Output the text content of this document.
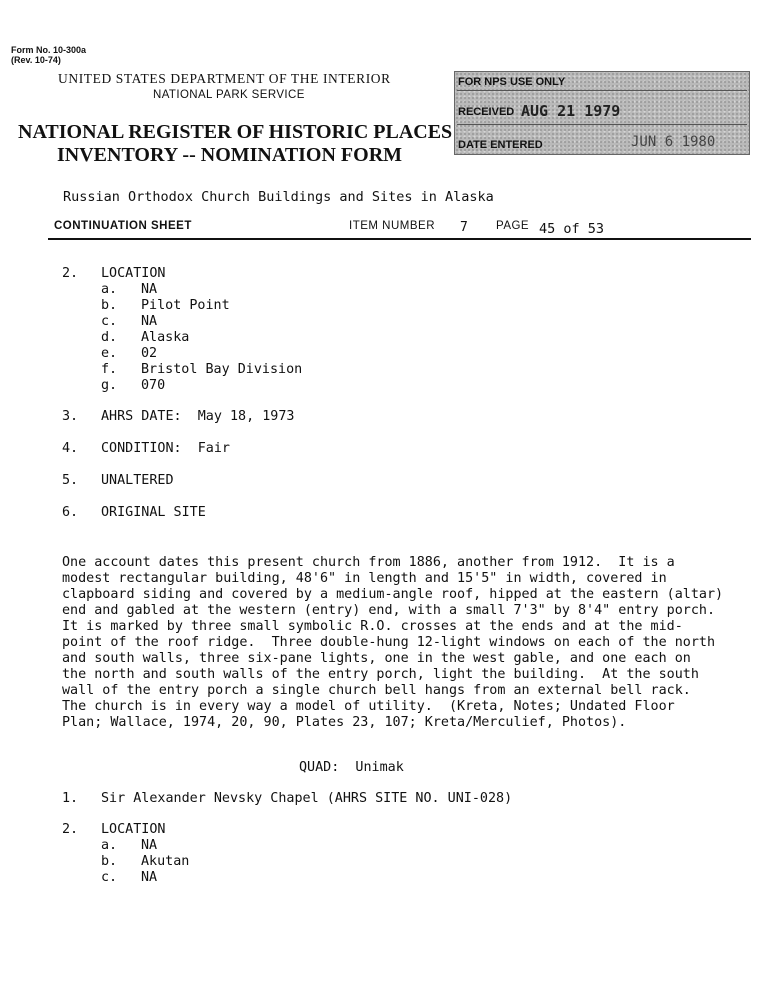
Form No. 10-300a
(Rev. 10-74)
UNITED STATES DEPARTMENT OF THE INTERIOR
NATIONAL PARK SERVICE
NATIONAL REGISTER OF HISTORIC PLACES
INVENTORY -- NOMINATION FORM
FOR NPS USE ONLY
RECEIVED AUG 21 1979
DATE ENTERED	JUN 6 1980
Russian Orthodox Church Buildings and Sites in Alaska
CONTINUATION SHEET	ITEM NUMBER 7 PAGE 45 of 53
2. LOCATION
a. NA
b. Pilot Point
c. NA
d. Alaska
e. 02
f. Bristol Bay Division
g. 070
3. AHRS DATE:  May 18, 1973
4. CONDITION:  Fair
5. UNALTERED
6. ORIGINAL SITE
One account dates this present church from 1886, another from 1912.  It is a
modest rectangular building, 48'6" in length and 15'5" in width, covered in
clapboard siding and covered by a medium-angle roof, hipped at the eastern (altar)
end and gabled at the western (entry) end, with a small 7'3" by 8'4" entry porch.
It is marked by three small symbolic R.O. crosses at the ends and at the mid-
point of the roof ridge.  Three double-hung 12-light windows on each of the north
and south walls, three six-pane lights, one in the west gable, and one each on
the north and south walls of the entry porch, light the building.  At the south
wall of the entry porch a single church bell hangs from an external bell rack.
The church is in every way a model of utility.  (Kreta, Notes; Undated Floor
Plan; Wallace, 1974, 20, 90, Plates 23, 107; Kreta/Merculief, Photos).
QUAD:  Unimak
1. Sir Alexander Nevsky Chapel (AHRS SITE NO. UNI-028)
2. LOCATION
a. NA
b. Akutan
c. NA
